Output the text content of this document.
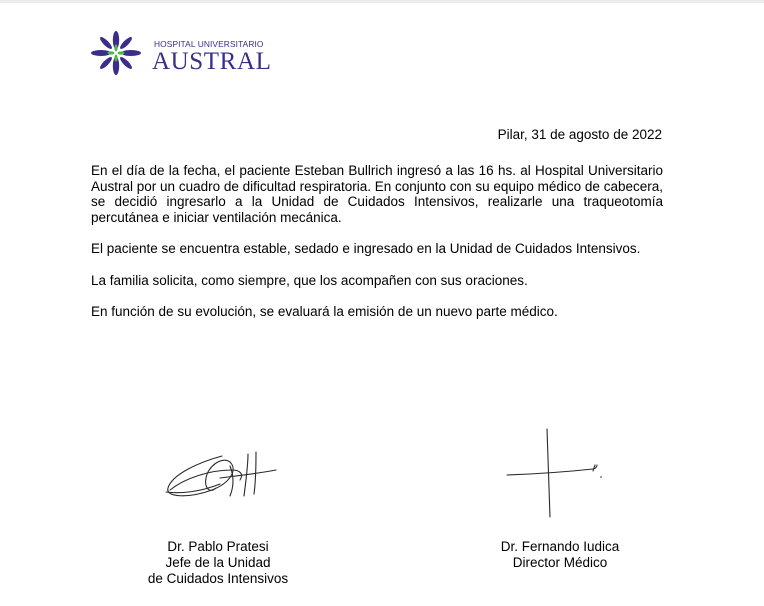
HOSPITAL UNIVERSITARIO
AUSTRAL
Pilar, 31 de agosto de 2022

En el día de la fecha, el paciente Esteban Bullrich ingresó a las 16 hs. al Hospital Universitario Austral por un cuadro de dificultad respiratoria. En conjunto con su equipo médico de cabecera, se decidió ingresarlo a la Unidad de Cuidados Intensivos, realizarle una traqueotomía percutánea e iniciar ventilación mecánica.

El paciente se encuentra estable, sedado e ingresado en la Unidad de Cuidados Intensivos.

La familia solicita, como siempre, que los acompañen con sus oraciones.

En función de su evolución, se evaluará la emisión de un nuevo parte médico.

Dr. Pablo Pratesi
Jefe de la Unidad
de Cuidados Intensivos
Dr. Fernando Iudica
Director Médico
